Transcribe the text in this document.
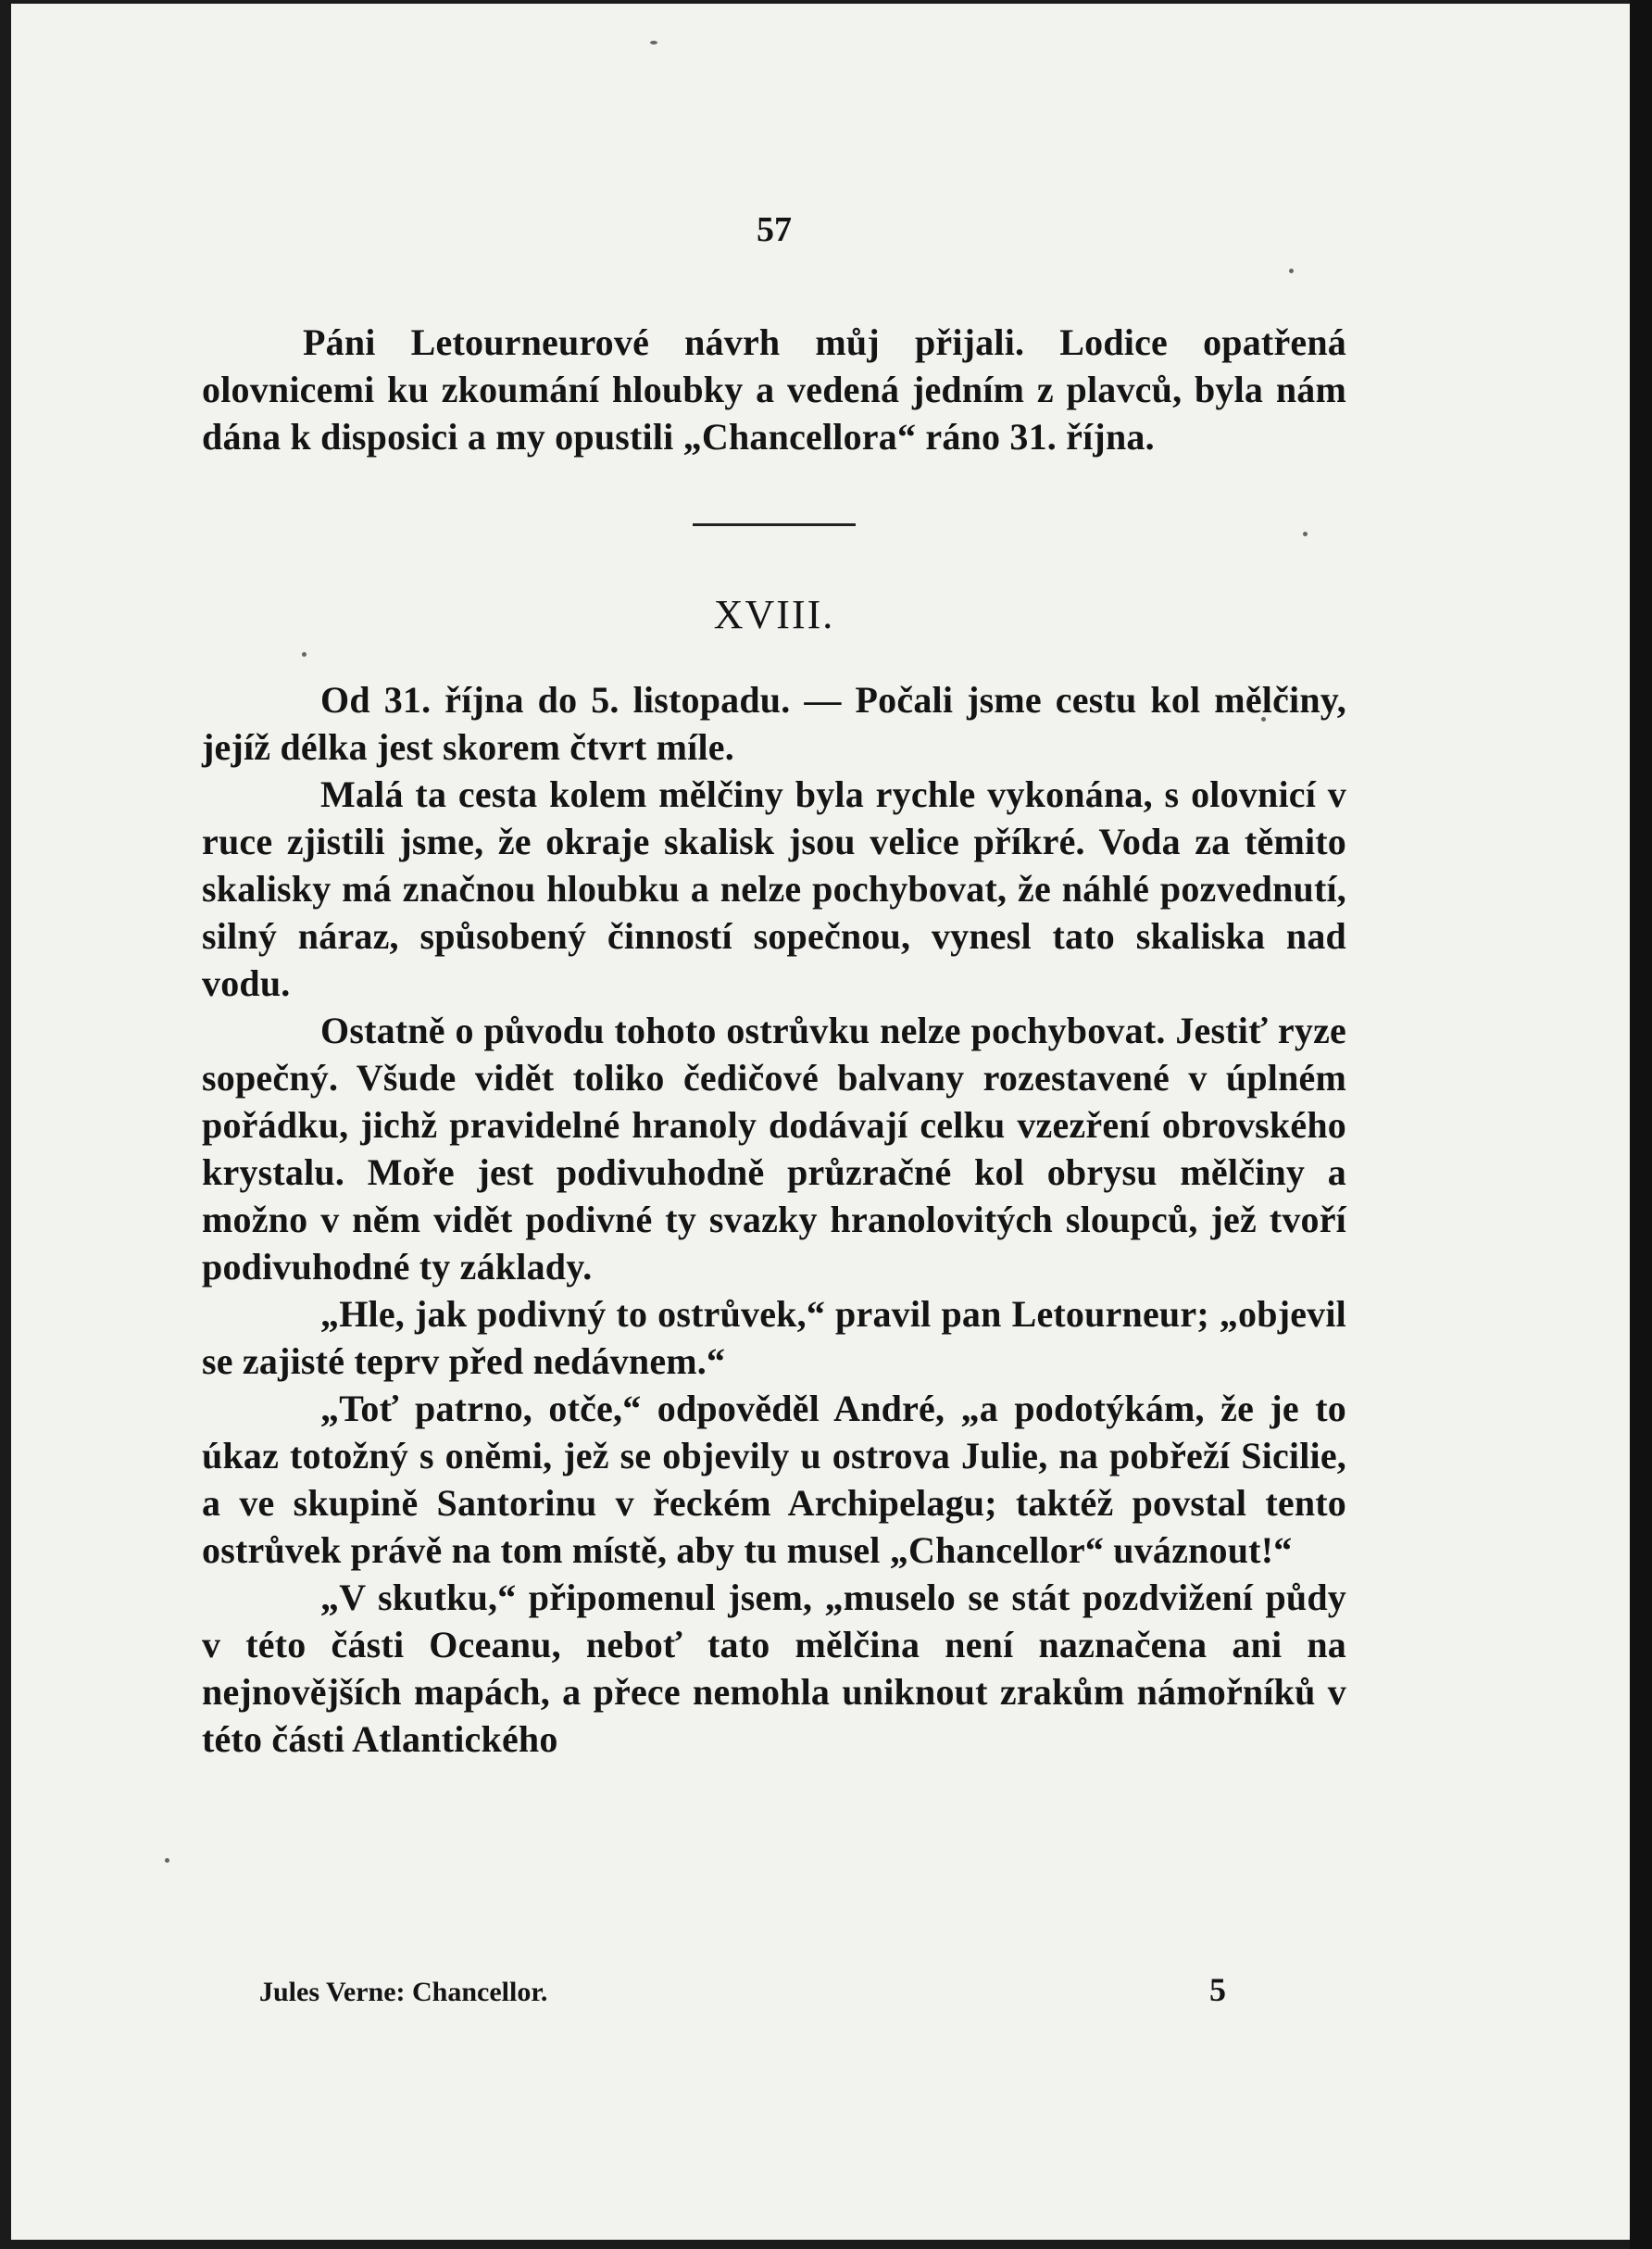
57

Páni Letourneurové návrh můj přijali. Lodice opatřená olovnicemi ku zkoumání hloubky a vedená jedním z plavců, byla nám dána k disposici a my opustili „Chancellora“ ráno 31. října.

XVIII.

Od 31. října do 5. listopadu. — Počali jsme cestu kol mělčiny, jejíž délka jest skorem čtvrt míle.

Malá ta cesta kolem mělčiny byla rychle vykonána, s olovnicí v ruce zjistili jsme, že okraje skalisk jsou velice příkré. Voda za těmito skalisky má značnou hloubku a nelze pochybovat, že náhlé pozvednutí, silný náraz, spůsobený činností sopečnou, vynesl tato skaliska nad vodu.

Ostatně o původu tohoto ostrůvku nelze pochybovat. Jestiť ryze sopečný. Všude vidět toliko čedičové balvany rozestavené v úplném pořádku, jichž pravidelné hranoly dodávají celku vzezření obrovského krystalu. Moře jest podivuhodně průzračné kol obrysu mělčiny a možno v něm vidět podivné ty svazky hranolovitých sloupců, jež tvoří podivuhodné ty základy.

„Hle, jak podivný to ostrůvek,“ pravil pan Letourneur; „objevil se zajisté teprv před nedávnem.“

„Toť patrno, otče,“ odpověděl André, „a podotýkám, že je to úkaz totožný s oněmi, jež se objevily u ostrova Julie, na pobřeží Sicilie, a ve skupině Santorinu v řeckém Archipelagu; taktéž povstal tento ostrůvek právě na tom místě, aby tu musel „Chancellor“ uváznout!“

„V skutku,“ připomenul jsem, „muselo se stát pozdvižení půdy v této části Oceanu, neboť tato mělčina není naznačena ani na nejnovějších mapách, a přece nemohla uniknout zrakům námořníků v této části Atlantického

Jules Verne: Chancellor.	5
